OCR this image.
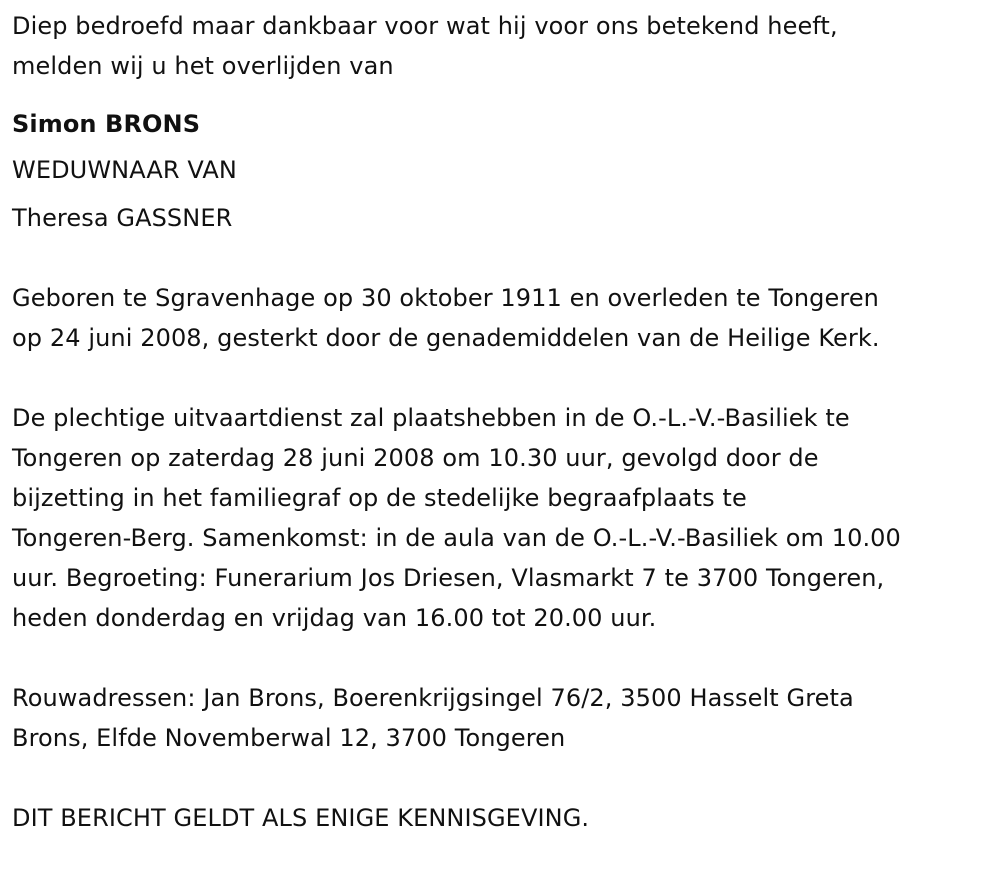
Diep bedroefd maar dankbaar voor wat hij voor ons betekend heeft,
melden wij u het overlijden van
Simon BRONS
WEDUWNAAR VAN
Theresa GASSNER
Geboren te Sgravenhage op 30 oktober 1911 en overleden te Tongeren
op 24 juni 2008, gesterkt door de genademiddelen van de Heilige Kerk.
De plechtige uitvaartdienst zal plaatshebben in de O.-L.-V.-Basiliek te
Tongeren op zaterdag 28 juni 2008 om 10.30 uur, gevolgd door de
bijzetting in het familiegraf op de stedelijke begraafplaats te
Tongeren-Berg. Samenkomst: in de aula van de O.-L.-V.-Basiliek om 10.00
uur. Begroeting: Funerarium Jos Driesen, Vlasmarkt 7 te 3700 Tongeren,
heden donderdag en vrijdag van 16.00 tot 20.00 uur.
Rouwadressen: Jan Brons, Boerenkrijgsingel 76/2, 3500 Hasselt Greta
Brons, Elfde Novemberwal 12, 3700 Tongeren
DIT BERICHT GELDT ALS ENIGE KENNISGEVING.
